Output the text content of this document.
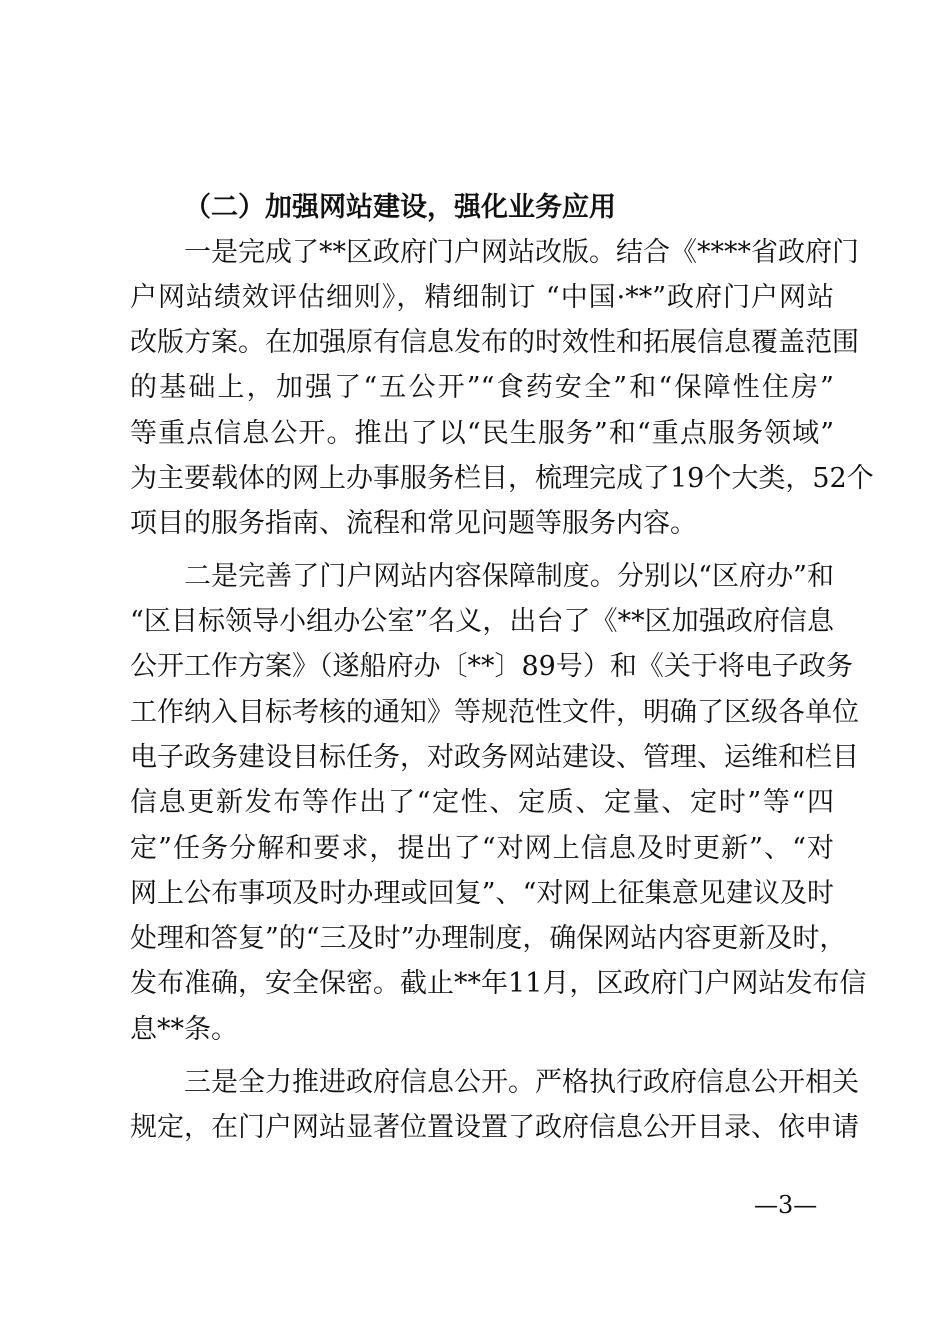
（二）加强网站建设，强化业务应用
一是完成了**区政府门户网站改版。结合《****省政府门
户网站绩效评估细则》，精细制订 “中国·**”政府门户网站
改版方案。在加强原有信息发布的时效性和拓展信息覆盖范围
的基础上，加强了“五公开”“食药安全”和“保障性住房”
等重点信息公开。推出了以“民生服务”和“重点服务领域”
为主要载体的网上办事服务栏目，梳理完成了19个大类，52个
项目的服务指南、流程和常见问题等服务内容。
二是完善了门户网站内容保障制度。分别以“区府办”和
“区目标领导小组办公室”名义，出台了《**区加强政府信息
公开工作方案》（遂船府办〔**〕89号）和《关于将电子政务
工作纳入目标考核的通知》等规范性文件，明确了区级各单位
电子政务建设目标任务，对政务网站建设、管理、运维和栏目
信息更新发布等作出了“定性、定质、定量、定时”等“四
定”任务分解和要求，提出了“对网上信息及时更新”、“对
网上公布事项及时办理或回复”、“对网上征集意见建议及时
处理和答复”的“三及时”办理制度，确保网站内容更新及时，
发布准确，安全保密。截止**年11月，区政府门户网站发布信
息**条。
三是全力推进政府信息公开。严格执行政府信息公开相关
规定，在门户网站显著位置设置了政府信息公开目录、依申请
—3—
